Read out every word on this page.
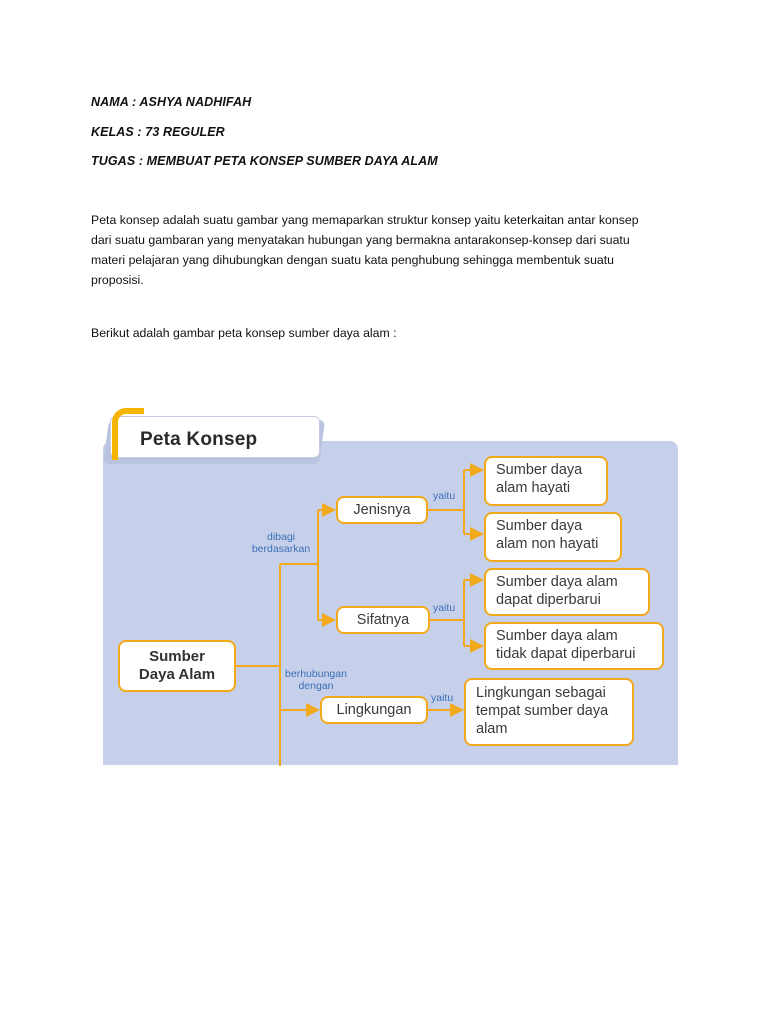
NAMA : ASHYA NADHIFAH
KELAS : 73 REGULER
TUGAS : MEMBUAT PETA KONSEP SUMBER DAYA ALAM

Peta konsep adalah suatu gambar yang memaparkan struktur konsep yaitu keterkaitan antar konsep

dari suatu gambaran yang menyatakan hubungan yang bermakna antarakonsep-konsep dari suatu

materi pelajaran yang dihubungkan dengan suatu kata penghubung sehingga membentuk suatu

proposisi.

Berikut adalah gambar peta konsep sumber daya alam :
Peta Konsep
Sumber Daya Alam
dibagi berdasarkan
berhubungan dengan
yaitu
yaitu
yaitu
Jenisnya
Sifatnya
Lingkungan
Sumber daya alam hayati
Sumber daya alam non hayati
Sumber daya alam dapat diperbarui
Sumber daya alam tidak dapat diperbarui
Lingkungan sebagai tempat sumber daya alam
